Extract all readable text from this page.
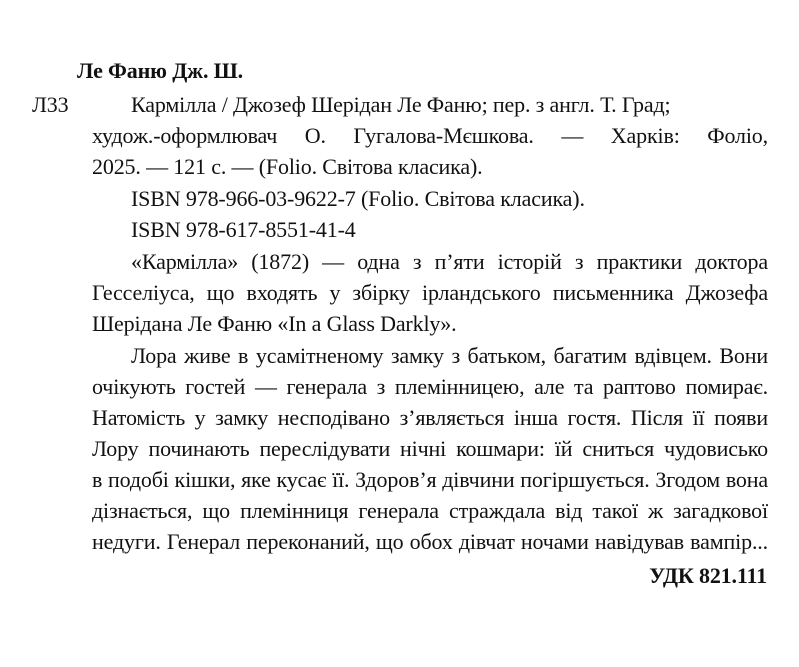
Ле Фаню Дж. Ш.
Л33	Кармілла / Джозеф Шерідан Ле Фаню; пер. з англ. Т. Град;
худож.-оформлювач О. Гугалова-Мєшкова. — Харків: Фоліо,
2025. — 121 с. — (Folio. Світова класика).
ISBN 978-966-03-9622-7 (Folio. Світова класика).
ISBN 978-617-8551-41-4
«Кармілла» (1872) — одна з п’яти історій з практики доктора
Гесселіуса, що входять у збірку ірландського письменника Джозефа
Шерідана Ле Фаню «In a Glass Darkly».
Лора живе в усамітненому замку з батьком, багатим вдівцем. Вони
очікують гостей — генерала з племінницею, але та раптово помирає.
Натомість у замку несподівано з’являється інша гостя. Після її появи
Лору починають переслідувати нічні кошмари: їй сниться чудовисько
в подобі кішки, яке кусає її. Здоров’я дівчини погіршується. Згодом вона
дізнається, що племінниця генерала страждала від такої ж загадкової
недуги. Генерал переконаний, що обох дівчат ночами навідував вампір...
УДК 821.111
